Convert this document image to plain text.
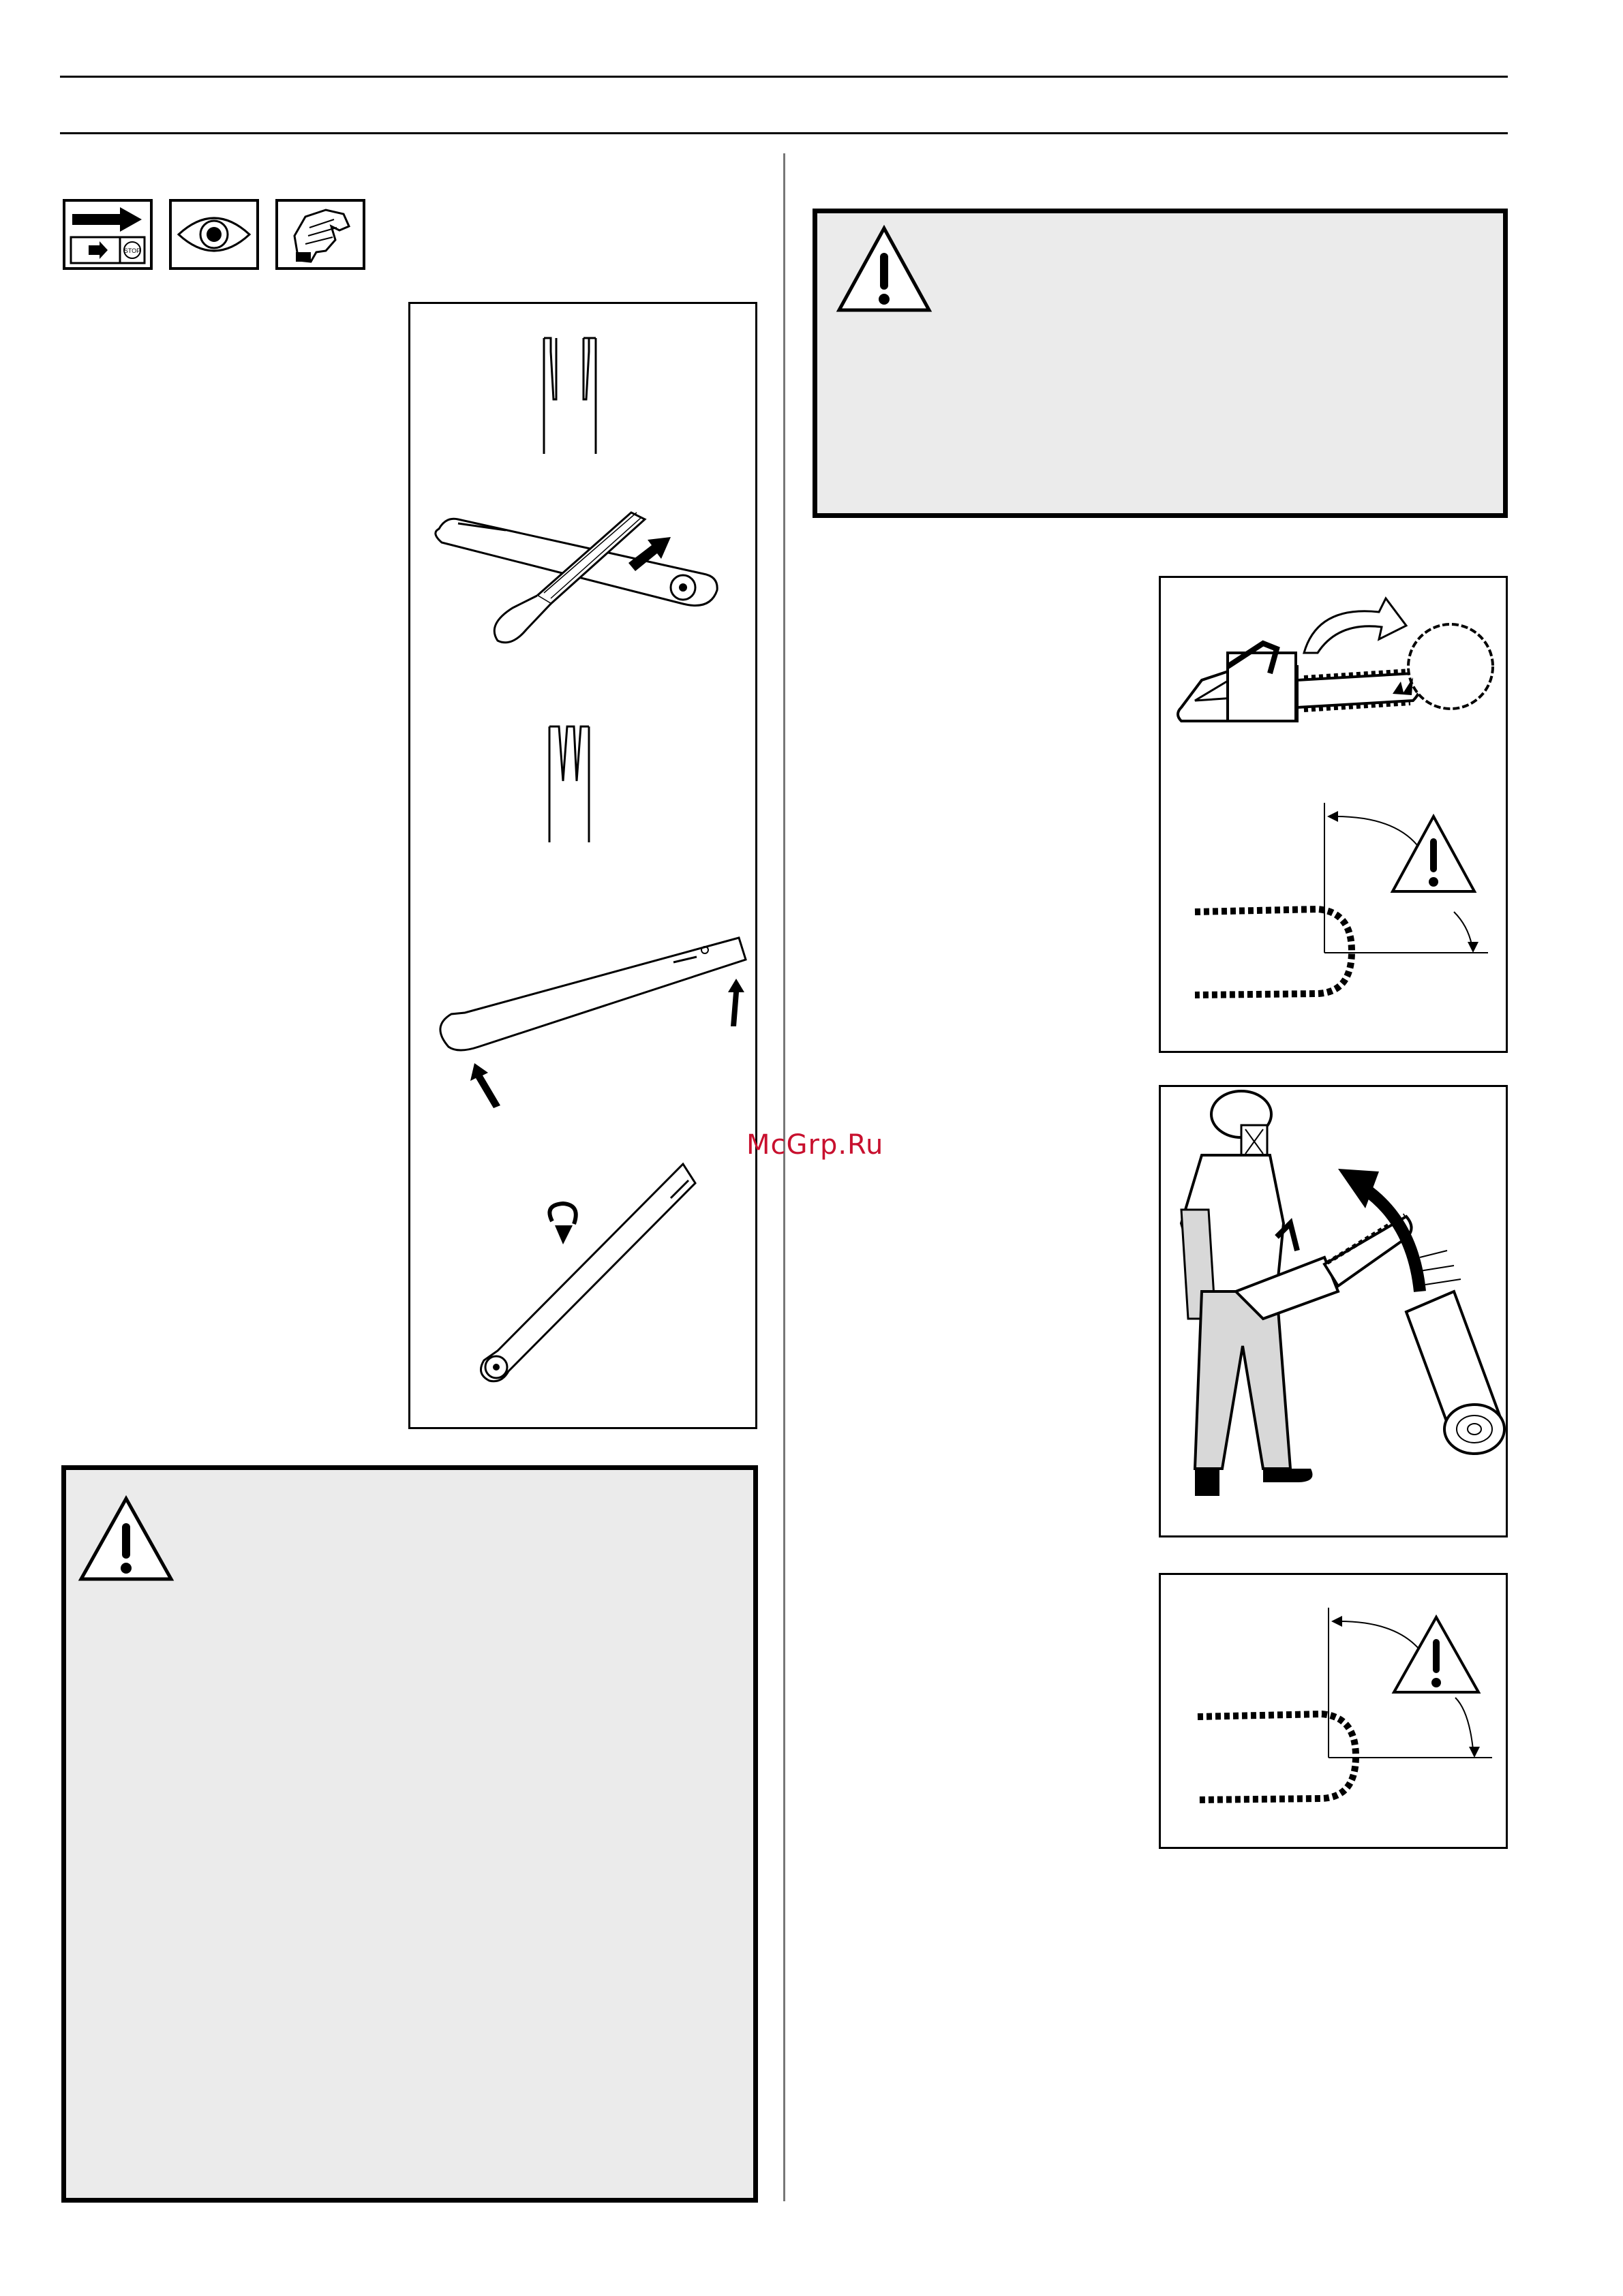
STOP
McGrp.Ru
